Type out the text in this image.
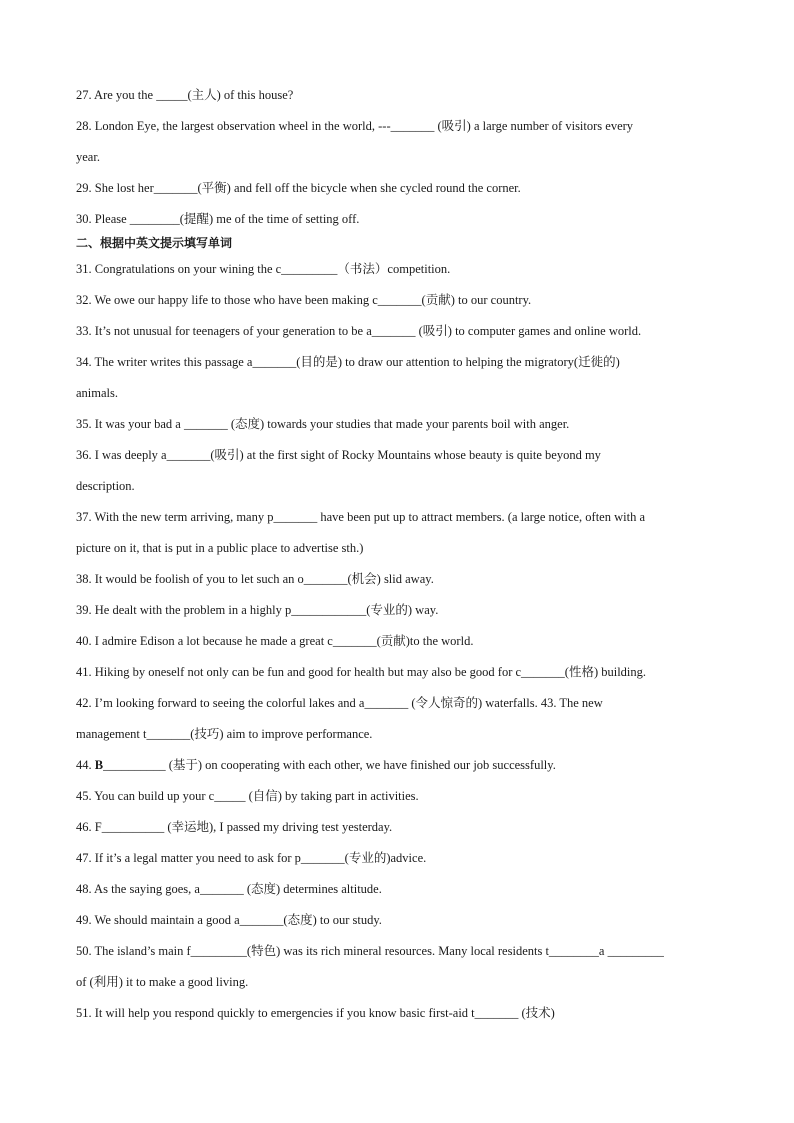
27. Are you the _____(主人) of this house?
28. London Eye, the largest observation wheel in the world, ---_______ (吸引) a large number of visitors every
year.
29. She lost her_______(平衡) and fell off the bicycle when she cycled round the corner.
30. Please ________(提醒) me of the time of setting off.
二、根据中英文提示填写单词
31. Congratulations on your wining the c_________（书法）competition.
32. We owe our happy life to those who have been making c_______(贡献) to our country.
33. It’s not unusual for teenagers of your generation to be a_______ (吸引) to computer games and online world.
34. The writer writes this passage a_______(目的是) to draw our attention to helping the migratory(迁徙的)
animals.
35. It was your bad a _______ (态度) towards your studies that made your parents boil with anger.
36. I was deeply a_______(吸引) at the first sight of Rocky Mountains whose beauty is quite beyond my
description.
37. With the new term arriving, many p_______ have been put up to attract members. (a large notice, often with a
picture on it, that is put in a public place to advertise sth.)
38. It would be foolish of you to let such an o_______(机会) slid away.
39. He dealt with the problem in a highly p____________(专业的) way.
40. I admire Edison a lot because he made a great c_______(贡献)to the world.
41. Hiking by oneself not only can be fun and good for health but may also be good for c_______(性格) building.
42. I’m looking forward to seeing the colorful lakes and a_______ (令人惊奇的) waterfalls. 43. The new
management t_______(技巧) aim to improve performance.
44. B__________ (基于) on cooperating with each other, we have finished our job successfully.
45. You can build up your c_____ (自信) by taking part in activities.
46. F__________ (幸运地), I passed my driving test yesterday.
47. If it’s a legal matter you need to ask for p_______(专业的)advice.
48. As the saying goes, a_______ (态度) determines altitude.
49. We should maintain a good a_______(态度) to our study.
50. The island’s main f_________(特色) was its rich mineral resources. Many local residents t________a _________
of (利用) it to make a good living.
51. It will help you respond quickly to emergencies if you know basic first-aid t_______ (技术)
